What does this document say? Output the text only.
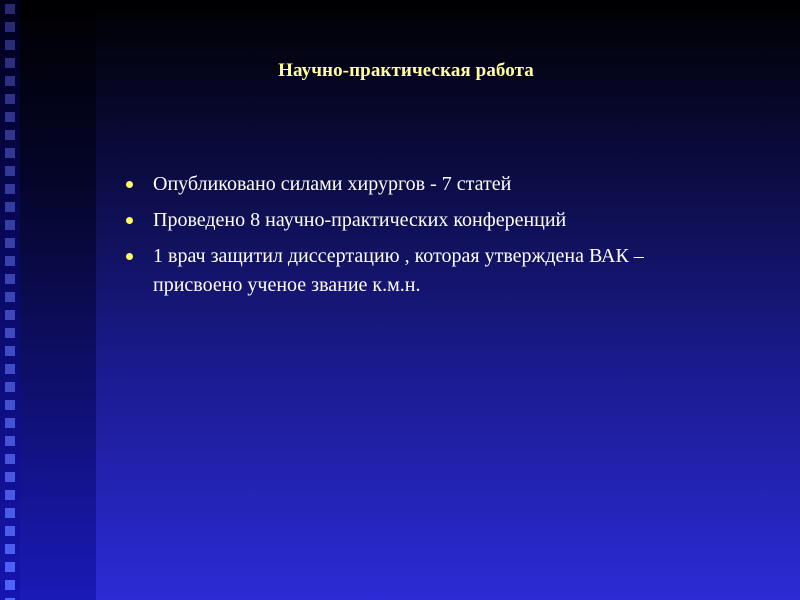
Научно-практическая работа
Опубликовано силами хирургов - 7 статей
Проведено 8 научно-практических конференций
1 врач защитил диссертацию , которая утверждена ВАК – присвоено ученое звание к.м.н.
